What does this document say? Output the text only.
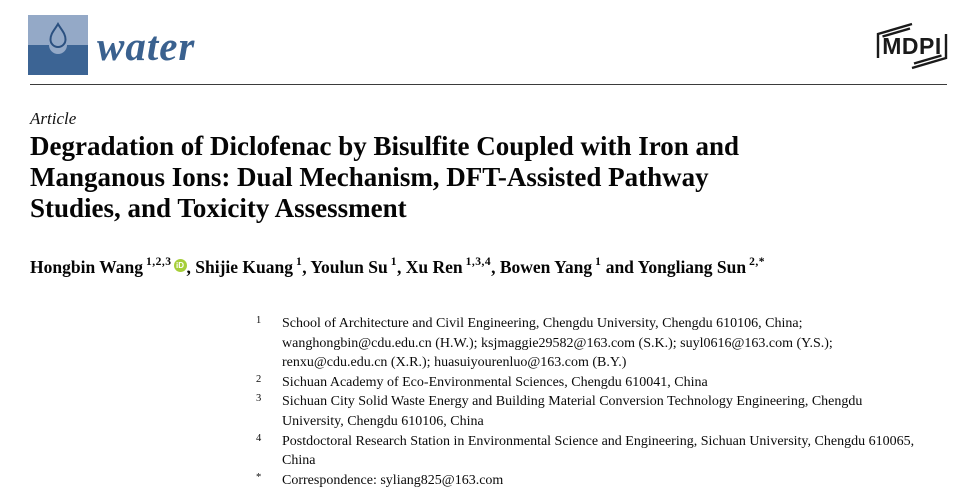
water	MDPI
Article
Degradation of Diclofenac by Bisulfite Coupled with Iron and
Manganous Ions: Dual Mechanism, DFT-Assisted Pathway
Studies, and Toxicity Assessment
Hongbin Wang $^{1,2,3}$ iD , Shijie Kuang $^1$, Youlun Su $^1$, Xu Ren $^{1,3,4}$, Bowen Yang $^1$ and Yongliang Sun $^{2,*}$
$^1$	School of Architecture and Civil Engineering, Chengdu University, Chengdu 610106, China; wanghongbin@cdu.edu.cn (H.W.); ksjmaggie29582@163.com (S.K.); suyl0616@163.com (Y.S.); renxu@cdu.edu.cn (X.R.); huasuiyourenluo@163.com (B.Y.)
$^2$	Sichuan Academy of Eco-Environmental Sciences, Chengdu 610041, China
$^3$	Sichuan City Solid Waste Energy and Building Material Conversion Technology Engineering, Chengdu University, Chengdu 610106, China
$^4$	Postdoctoral Research Station in Environmental Science and Engineering, Sichuan University, Chengdu 610065, China
*	Correspondence: syliang825@163.com
